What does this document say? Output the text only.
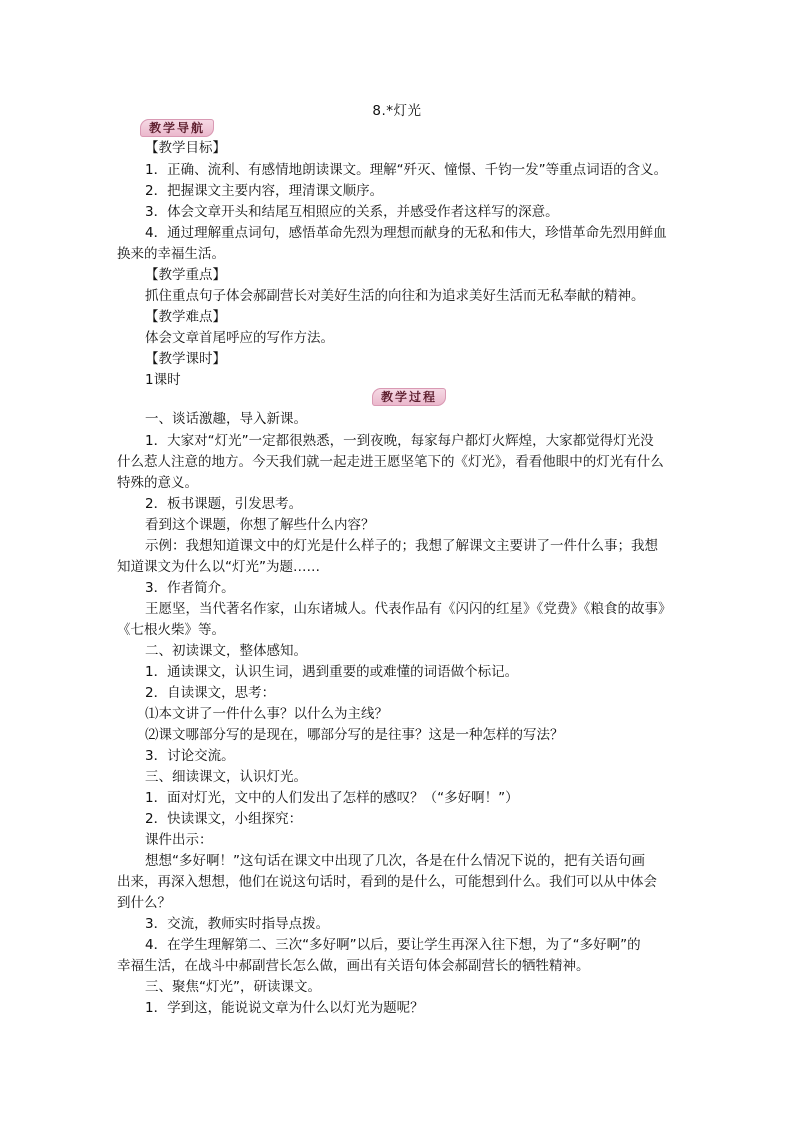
8.*灯光
教学导航
教学过程
【教学目标】
1．正确、流利、有感情地朗读课文。理解“歼灭、憧憬、千钧一发”等重点词语的含义。
2．把握课文主要内容，理清课文顺序。
3．体会文章开头和结尾互相照应的关系，并感受作者这样写的深意。
4．通过理解重点词句，感悟革命先烈为理想而献身的无私和伟大，珍惜革命先烈用鲜血
换来的幸福生活。
【教学重点】
抓住重点句子体会郝副营长对美好生活的向往和为追求美好生活而无私奉献的精神。
【教学难点】
体会文章首尾呼应的写作方法。
【教学课时】
1课时
一、谈话激趣，导入新课。
1．大家对“灯光”一定都很熟悉，一到夜晚，每家每户都灯火辉煌，大家都觉得灯光没
什么惹人注意的地方。今天我们就一起走进王愿坚笔下的《灯光》，看看他眼中的灯光有什么
特殊的意义。
2．板书课题，引发思考。
看到这个课题，你想了解些什么内容？
示例：我想知道课文中的灯光是什么样子的；我想了解课文主要讲了一件什么事；我想
知道课文为什么以“灯光”为题……
3．作者简介。
王愿坚，当代著名作家，山东诸城人。代表作品有《闪闪的红星》《党费》《粮食的故事》
《七根火柴》等。
二、初读课文，整体感知。
1．通读课文，认识生词，遇到重要的或难懂的词语做个标记。
2．自读课文，思考：
⑴本文讲了一件什么事？以什么为主线？
⑵课文哪部分写的是现在，哪部分写的是往事？这是一种怎样的写法？
3．讨论交流。
三、细读课文，认识灯光。
1．面对灯光，文中的人们发出了怎样的感叹？（“多好啊！”）
2．快读课文，小组探究：
课件出示：
想想“多好啊！”这句话在课文中出现了几次，各是在什么情况下说的，把有关语句画
出来，再深入想想，他们在说这句话时，看到的是什么，可能想到什么。我们可以从中体会
到什么？
3．交流，教师实时指导点拨。
4．在学生理解第二、三次“多好啊”以后，要让学生再深入往下想，为了“多好啊”的
幸福生活，在战斗中郝副营长怎么做，画出有关语句体会郝副营长的牺牲精神。
三、聚焦“灯光”，研读课文。
1．学到这，能说说文章为什么以灯光为题呢？
